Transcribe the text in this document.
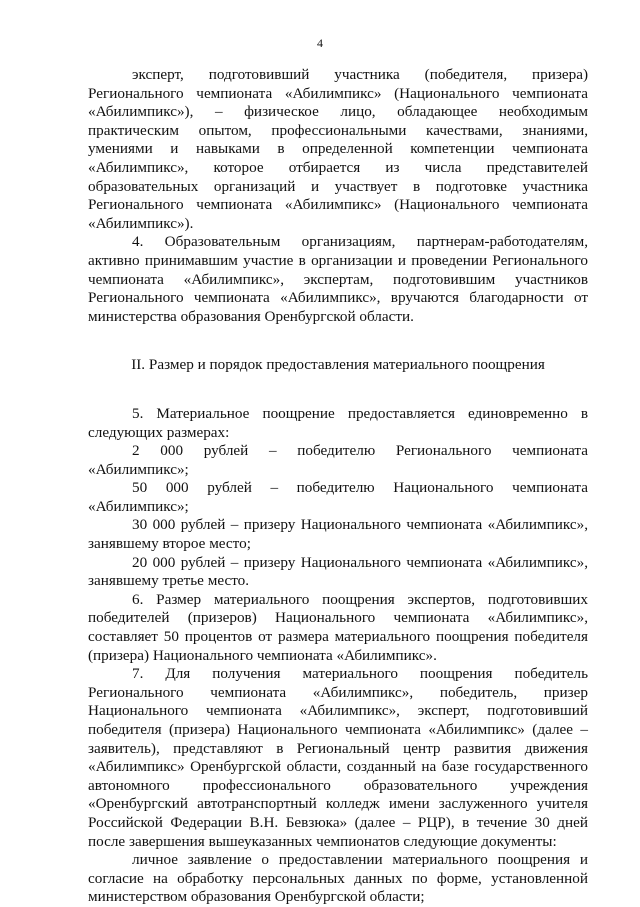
4

эксперт, подготовивший участника (победителя, призера) Регионального чемпионата «Абилимпикс» (Национального чемпионата «Абилимпикс»), – физическое лицо, обладающее необходимым практическим опытом, профессиональными качествами, знаниями, умениями и навыками в определенной компетенции чемпионата «Абилимпикс», которое отбирается из числа представителей образовательных организаций и участвует в подготовке участника Регионального чемпионата «Абилимпикс» (Национального чемпионата «Абилимпикс»).

4. Образовательным организациям, партнерам-работодателям, активно принимавшим участие в организации и проведении Регионального чемпионата «Абилимпикс», экспертам, подготовившим участников Регионального чемпионата «Абилимпикс», вручаются благодарности от министерства образования Оренбургской области.

II. Размер и порядок предоставления материального поощрения

5. Материальное поощрение предоставляется единовременно в следующих размерах:

2 000 рублей – победителю Регионального чемпионата «Абилимпикс»;

50 000 рублей – победителю Национального чемпионата «Абилимпикс»;

30 000 рублей – призеру Национального чемпионата «Абилимпикс», занявшему второе место;

20 000 рублей – призеру Национального чемпионата «Абилимпикс», занявшему третье место.

6. Размер материального поощрения экспертов, подготовивших победителей (призеров) Национального чемпионата «Абилимпикс», составляет 50 процентов от размера материального поощрения победителя (призера) Национального чемпионата «Абилимпикс».

7. Для получения материального поощрения победитель Регионального чемпионата «Абилимпикс», победитель, призер Национального чемпионата «Абилимпикс», эксперт, подготовивший победителя (призера) Национального чемпионата «Абилимпикс» (далее – заявитель), представляют в Региональный центр развития движения «Абилимпикс» Оренбургской области, созданный на базе государственного автономного профессионального образовательного учреждения «Оренбургский автотранспортный колледж имени заслуженного учителя Российской Федерации В.Н. Бевзюка» (далее – РЦР), в течение 30 дней после завершения вышеуказанных чемпионатов следующие документы:

личное заявление о предоставлении материального поощрения и согласие на обработку персональных данных по форме, установленной министерством образования Оренбургской области;
